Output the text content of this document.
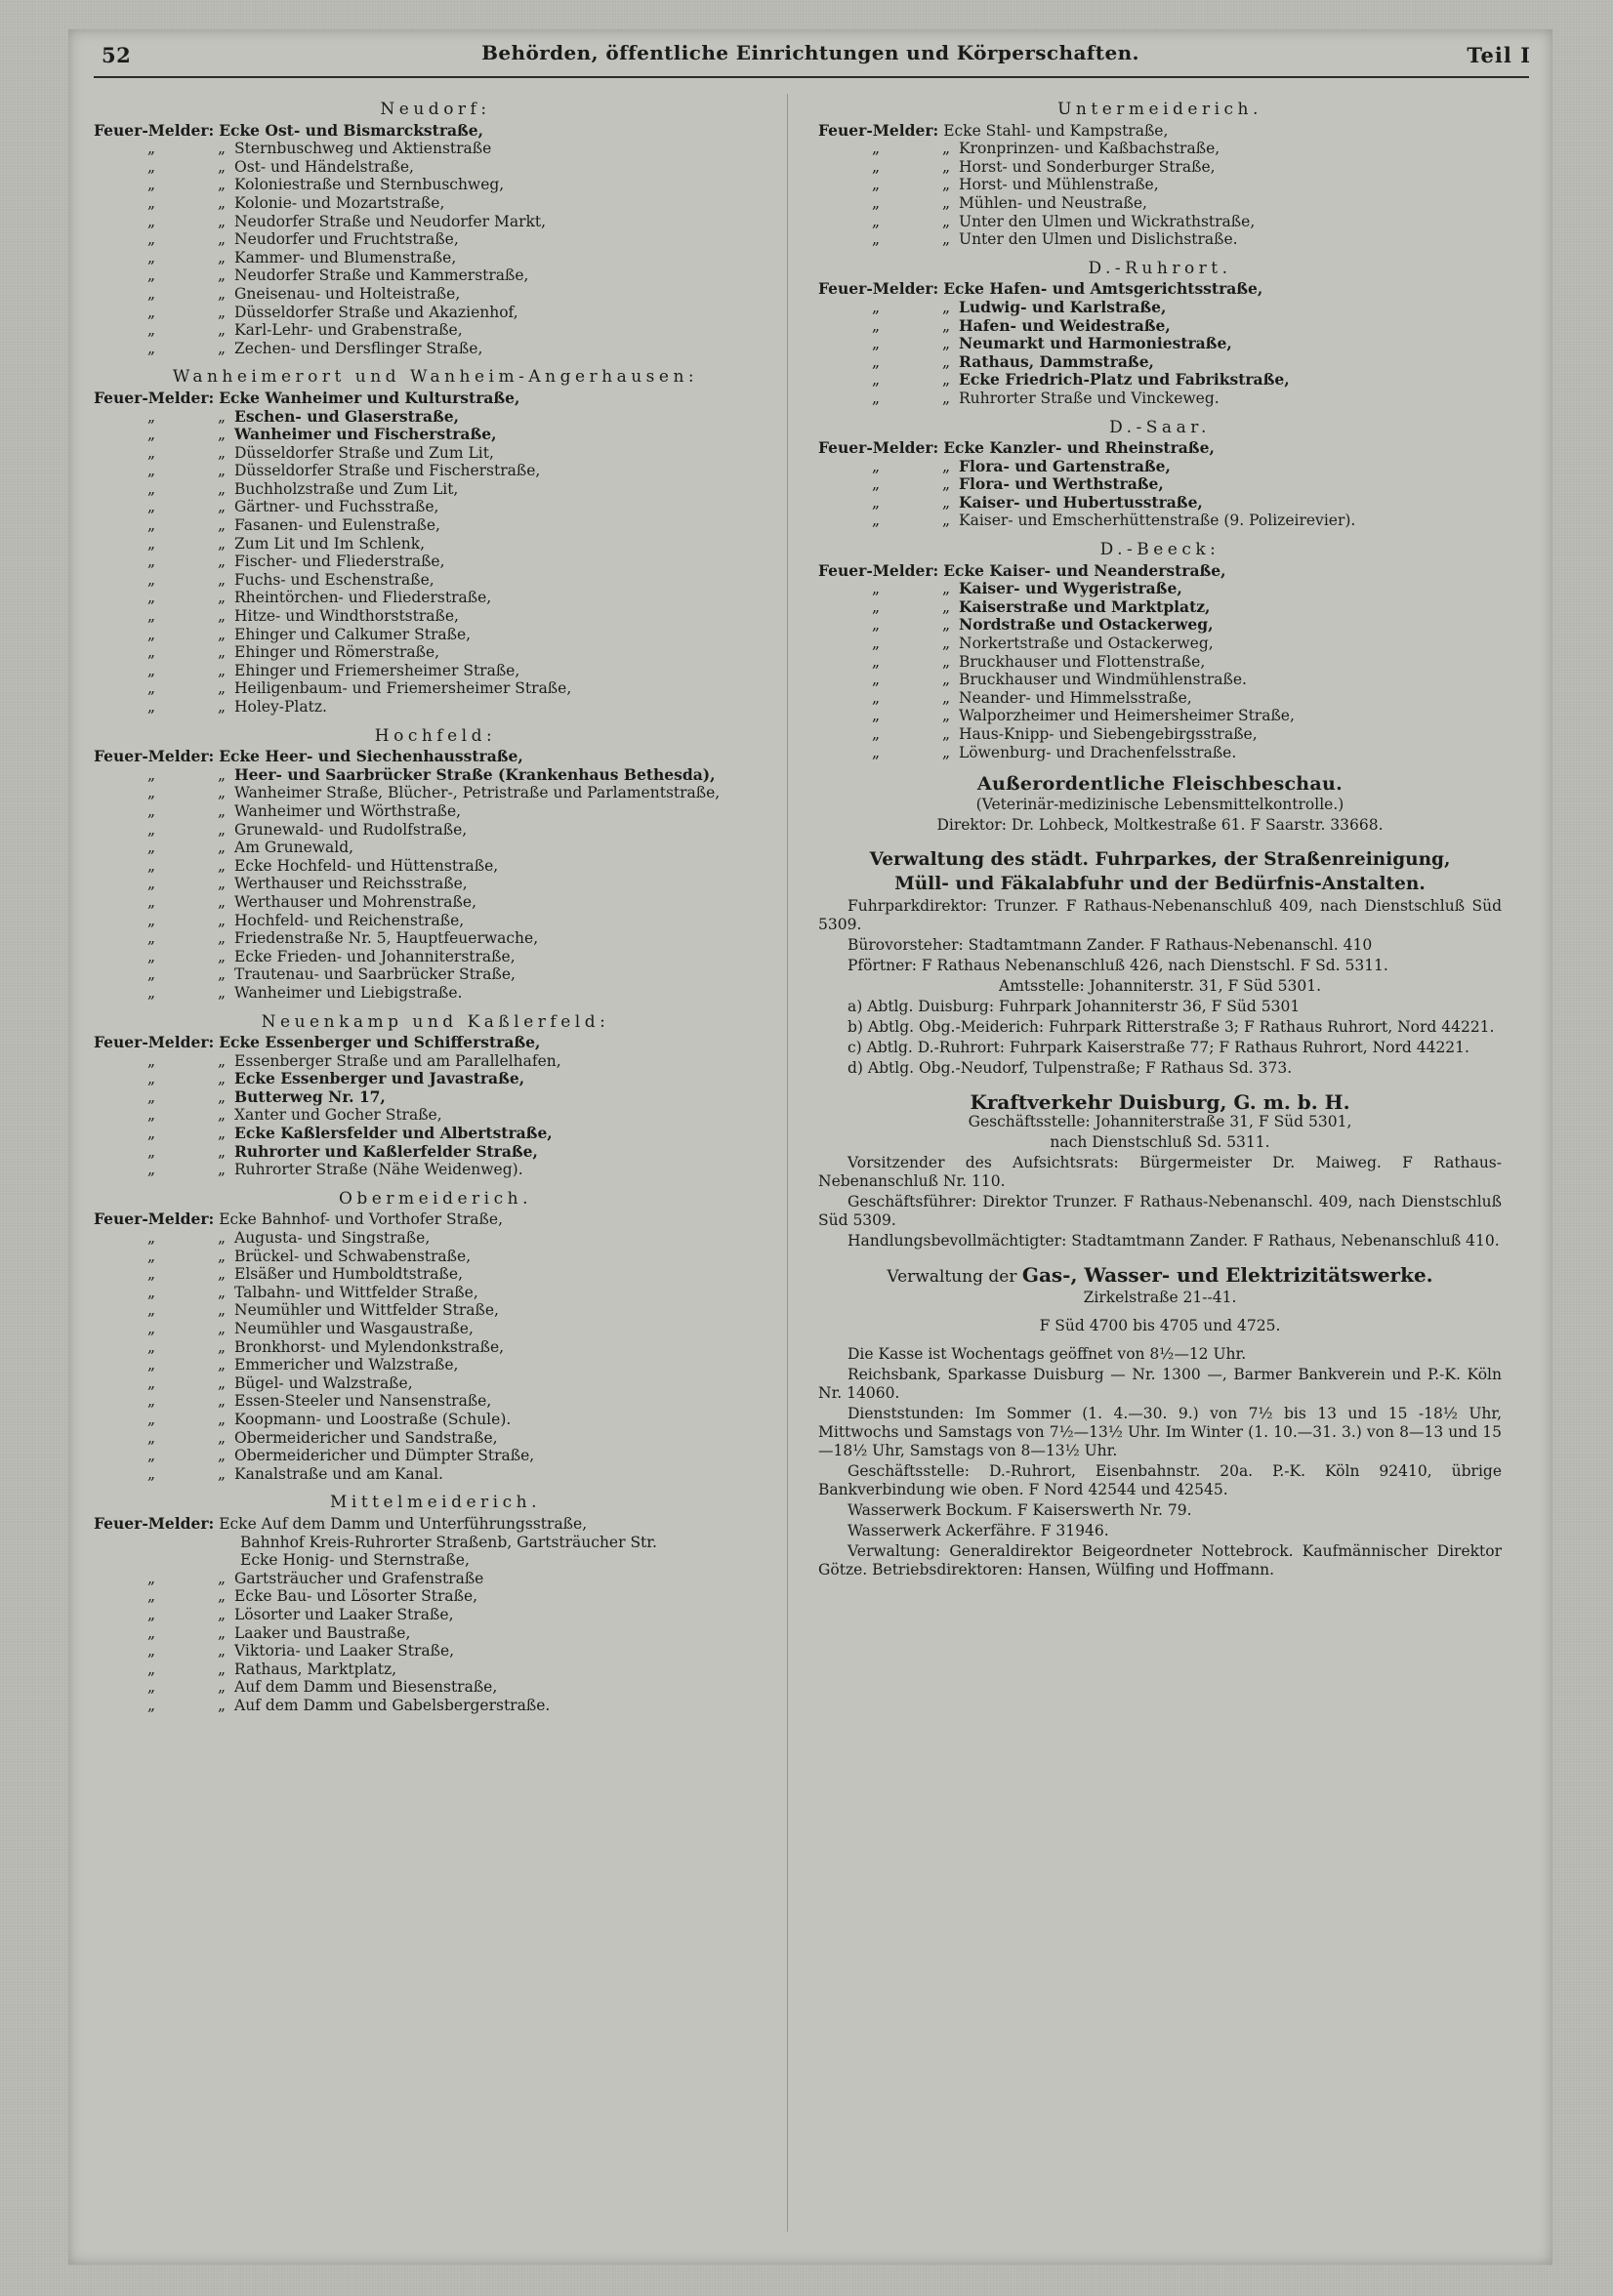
52	Behörden, öffentliche Einrichtungen und Körperschaften.	Teil I
Neudorf:
Feuer-Melder: Ecke Ost- und Bismarckstraße,
„	„ Sternbuschweg und Aktienstraße
„	„ Ost- und Händelstraße,
„	„ Koloniestraße und Sternbuschweg,
„	„ Kolonie- und Mozartstraße,
„	„ Neudorfer Straße und Neudorfer Markt,
„	„ Neudorfer und Fruchtstraße,
„	„ Kammer- und Blumenstraße,
„	„ Neudorfer Straße und Kammerstraße,
„	„ Gneisenau- und Holteistraße,
„	„ Düsseldorfer Straße und Akazienhof,
„	„ Karl-Lehr- und Grabenstraße,
„	„ Zechen- und Dersflinger Straße,
Wanheimerort und Wanheim-Angerhausen:
Feuer-Melder: Ecke Wanheimer und Kulturstraße,
„	„ Eschen- und Glaserstraße,
„	„ Wanheimer und Fischerstraße,
„	„ Düsseldorfer Straße und Zum Lit,
„	„ Düsseldorfer Straße und Fischerstraße,
„	„ Buchholzstraße und Zum Lit,
„	„ Gärtner- und Fuchsstraße,
„	„ Fasanen- und Eulenstraße,
„	„ Zum Lit und Im Schlenk,
„	„ Fischer- und Fliederstraße,
„	„ Fuchs- und Eschenstraße,
„	„ Rheintörchen- und Fliederstraße,
„	„ Hitze- und Windthorststraße,
„	„ Ehinger und Calkumer Straße,
„	„ Ehinger und Römerstraße,
„	„ Ehinger und Friemersheimer Straße,
„	„ Heiligenbaum- und Friemersheimer Straße,
„	„ Holey-Platz.
Hochfeld:
Feuer-Melder: Ecke Heer- und Siechenhausstraße,
„	„ Heer- und Saarbrücker Straße (Krankenhaus Bethesda),
„	„ Wanheimer Straße, Blücher-, Petristraße und Parlamentstraße,
„	„ Wanheimer und Wörthstraße,
„	„ Grunewald- und Rudolfstraße,
„	„ Am Grunewald,
„	„ Ecke Hochfeld- und Hüttenstraße,
„	„ Werthauser und Reichsstraße,
„	„ Werthauser und Mohrenstraße,
„	„ Hochfeld- und Reichenstraße,
„	„ Friedenstraße Nr. 5, Hauptfeuerwache,
„	„ Ecke Frieden- und Johanniterstraße,
„	„ Trautenau- und Saarbrücker Straße,
„	„ Wanheimer und Liebigstraße.
Neuenkamp und Kaßlerfeld:
Feuer-Melder: Ecke Essenberger und Schifferstraße,
„	„ Essenberger Straße und am Parallelhafen,
„	„ Ecke Essenberger und Javastraße,
„	„ Butterweg Nr. 17,
„	„ Xanter und Gocher Straße,
„	„ Ecke Kaßlersfelder und Albertstraße,
„	„ Ruhrorter und Kaßlerfelder Straße,
„	„ Ruhrorter Straße (Nähe Weidenweg).
Obermeiderich.
Feuer-Melder: Ecke Bahnhof- und Vorthofer Straße,
„	„ Augusta- und Singstraße,
„	„ Brückel- und Schwabenstraße,
„	„ Elsäßer und Humboldtstraße,
„	„ Talbahn- und Wittfelder Straße,
„	„ Neumühler und Wittfelder Straße,
„	„ Neumühler und Wasgaustraße,
„	„ Bronkhorst- und Mylendonkstraße,
„	„ Emmericher und Walzstraße,
„	„ Bügel- und Walzstraße,
„	„ Essen-Steeler und Nansenstraße,
„	„ Koopmann- und Loostraße (Schule).
„	„ Obermeidericher und Sandstraße,
„	„ Obermeidericher und Dümpter Straße,
„	„ Kanalstraße und am Kanal.
Mittelmeiderich.
Feuer-Melder: Ecke Auf dem Damm und Unterführungsstraße,
Bahnhof Kreis-Ruhrorter Straßenb, Gartsträucher Str.
Ecke Honig- und Sternstraße,
„	„ Gartsträucher und Grafenstraße
„	„ Ecke Bau- und Lösorter Straße,
„	„ Lösorter und Laaker Straße,
„	„ Laaker und Baustraße,
„	„ Viktoria- und Laaker Straße,
„	„ Rathaus, Marktplatz,
„	„ Auf dem Damm und Biesenstraße,
„	„ Auf dem Damm und Gabelsbergerstraße.
Untermeiderich.
Feuer-Melder: Ecke Stahl- und Kampstraße,
„	„ Kronprinzen- und Kaßbachstraße,
„	„ Horst- und Sonderburger Straße,
„	„ Horst- und Mühlenstraße,
„	„ Mühlen- und Neustraße,
„	„ Unter den Ulmen und Wickrathstraße,
„	„ Unter den Ulmen und Dislichstraße.
D.-Ruhrort.
Feuer-Melder: Ecke Hafen- und Amtsgerichtsstraße,
„	„ Ludwig- und Karlstraße,
„	„ Hafen- und Weidestraße,
„	„ Neumarkt und Harmoniestraße,
„	„ Rathaus, Dammstraße,
„	„ Ecke Friedrich-Platz und Fabrikstraße,
„	„ Ruhrorter Straße und Vinckeweg.
D.-Saar.
Feuer-Melder: Ecke Kanzler- und Rheinstraße,
„	„ Flora- und Gartenstraße,
„	„ Flora- und Werthstraße,
„	„ Kaiser- und Hubertusstraße,
„	„ Kaiser- und Emscherhüttenstraße (9. Polizeirevier).
D.-Beeck:
Feuer-Melder: Ecke Kaiser- und Neanderstraße,
„	„ Kaiser- und Wygeristraße,
„	„ Kaiserstraße und Marktplatz,
„	„ Nordstraße und Ostackerweg,
„	„ Norkertstraße und Ostackerweg,
„	„ Bruckhauser und Flottenstraße,
„	„ Bruckhauser und Windmühlenstraße.
„	„ Neander- und Himmelsstraße,
„	„ Walporzheimer und Heimersheimer Straße,
„	„ Haus-Knipp- und Siebengebirgsstraße,
„	„ Löwenburg- und Drachenfelsstraße.
Außerordentliche Fleischbeschau.
(Veterinär-medizinische Lebensmittelkontrolle.)
Direktor: Dr. Lohbeck, Moltkestraße 61. F Saarstr. 33668.
Verwaltung des städt. Fuhrparkes, der Straßenreinigung,
Müll- und Fäkalabfuhr und der Bedürfnis-Anstalten.
Fuhrparkdirektor: Trunzer. F Rathaus-Nebenanschluß 409, nach Dienstschluß Süd 5309.
Bürovorsteher: Stadtamtmann Zander. F Rathaus-Nebenanschl. 410
Pförtner: F Rathaus Nebenanschluß 426, nach Dienstschl. F Sd. 5311.
Amtsstelle: Johanniterstr. 31, F Süd 5301.
a) Abtlg. Duisburg: Fuhrpark Johanniterstr 36, F Süd 5301
b) Abtlg. Obg.-Meiderich: Fuhrpark Ritterstraße 3; F Rathaus Ruhrort, Nord 44221.
c) Abtlg. D.-Ruhrort: Fuhrpark Kaiserstraße 77; F Rathaus Ruhrort, Nord 44221.
d) Abtlg. Obg.-Neudorf, Tulpenstraße; F Rathaus Sd. 373.
Kraftverkehr Duisburg, G. m. b. H.
Geschäftsstelle: Johanniterstraße 31, F Süd 5301,
nach Dienstschluß Sd. 5311.
Vorsitzender des Aufsichtsrats: Bürgermeister Dr. Maiweg. F Rathaus-Nebenanschluß Nr. 110.
Geschäftsführer: Direktor Trunzer. F Rathaus-Nebenanschl. 409, nach Dienstschluß Süd 5309.
Handlungsbevollmächtigter: Stadtamtmann Zander. F Rathaus, Nebenanschluß 410.
Verwaltung der Gas-, Wasser- und Elektrizitätswerke.
Zirkelstraße 21--41.
F Süd 4700 bis 4705 und 4725.
Die Kasse ist Wochentags geöffnet von 8½—12 Uhr.
Reichsbank, Sparkasse Duisburg — Nr. 1300 —, Barmer Bankverein und P.-K. Köln Nr. 14060.
Dienststunden: Im Sommer (1. 4.—30. 9.) von 7½ bis 13 und 15 -18½ Uhr, Mittwochs und Samstags von 7½—13½ Uhr. Im Winter (1. 10.—31. 3.) von 8—13 und 15—18½ Uhr, Samstags von 8—13½ Uhr.
Geschäftsstelle: D.-Ruhrort, Eisenbahnstr. 20a. P.-K. Köln 92410, übrige Bankverbindung wie oben. F Nord 42544 und 42545.
Wasserwerk Bockum. F Kaiserswerth Nr. 79.
Wasserwerk Ackerfähre. F 31946.
Verwaltung: Generaldirektor Beigeordneter Nottebrock. Kaufmännischer Direktor Götze. Betriebsdirektoren: Hansen, Wülfing und Hoffmann.
